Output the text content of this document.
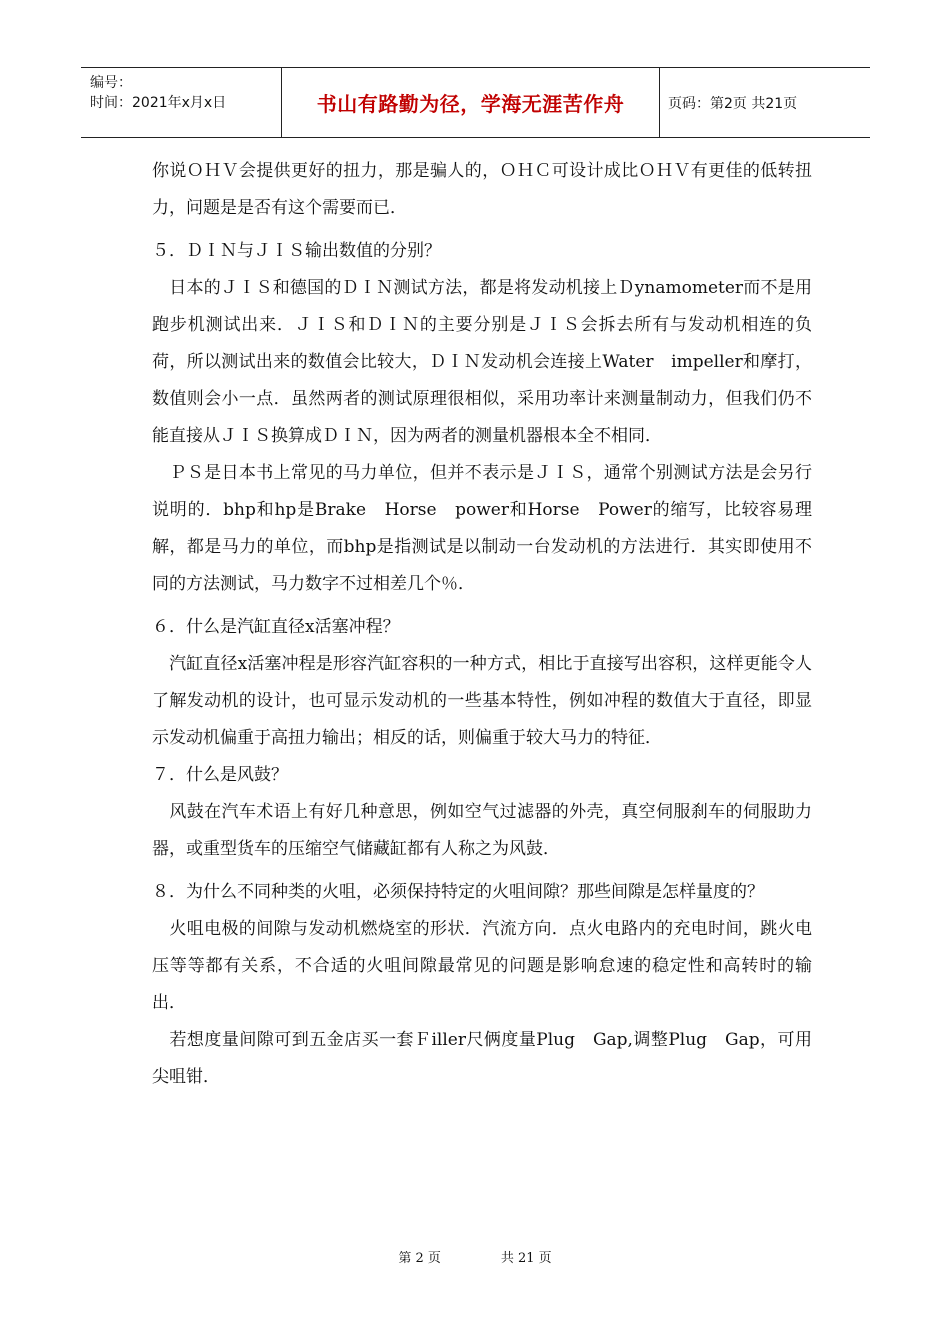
编号：
时间：2021年x月x日	书山有路勤为径，学海无涯苦作舟	页码：第2页 共21页

你说ＯＨＶ会提供更好的扭力，那是骗人的，ＯＨＣ可设计成比ＯＨＶ有更佳的低转扭力，问题是是否有这个需要而已．

５．ＤＩＮ与ＪＩＳ输出数值的分别？

　日本的ＪＩＳ和德国的ＤＩＮ测试方法，都是将发动机接上Ｄynamometer而不是用跑步机测试出来．ＪＩＳ和ＤＩＮ的主要分别是ＪＩＳ会拆去所有与发动机相连的负荷，所以测试出来的数值会比较大，ＤＩＮ发动机会连接上Water　impeller和摩打，数值则会小一点．虽然两者的测试原理很相似，采用功率计来测量制动力，但我们仍不能直接从ＪＩＳ换算成ＤＩＮ，因为两者的测量机器根本全不相同．

　ＰＳ是日本书上常见的马力单位，但并不表示是ＪＩＳ，通常个别测试方法是会另行说明的．bhp和hp是Brake　Horse　power和Horse　Power的缩写，比较容易理解，都是马力的单位，而bhp是指测试是以制动一台发动机的方法进行．其实即使用不同的方法测试，马力数字不过相差几个％．

６．什么是汽缸直径x活塞冲程？

　汽缸直径x活塞冲程是形容汽缸容积的一种方式，相比于直接写出容积，这样更能令人了解发动机的设计，也可显示发动机的一些基本特性，例如冲程的数值大于直径，即显示发动机偏重于高扭力输出；相反的话，则偏重于较大马力的特征．

７．什么是风鼓？

　风鼓在汽车术语上有好几种意思，例如空气过滤器的外壳，真空伺服刹车的伺服助力器，或重型货车的压缩空气储藏缸都有人称之为风鼓．

８．为什么不同种类的火咀，必须保持特定的火咀间隙？那些间隙是怎样量度的？

　火咀电极的间隙与发动机燃烧室的形状．汽流方向．点火电路内的充电时间，跳火电压等等都有关系，不合适的火咀间隙最常见的问题是影响怠速的稳定性和高转时的输出．

　若想度量间隙可到五金店买一套Ｆiller尺俩度量Plug　Gap,调整Plug　Gap，可用尖咀钳．

第 2 页	共 21 页
